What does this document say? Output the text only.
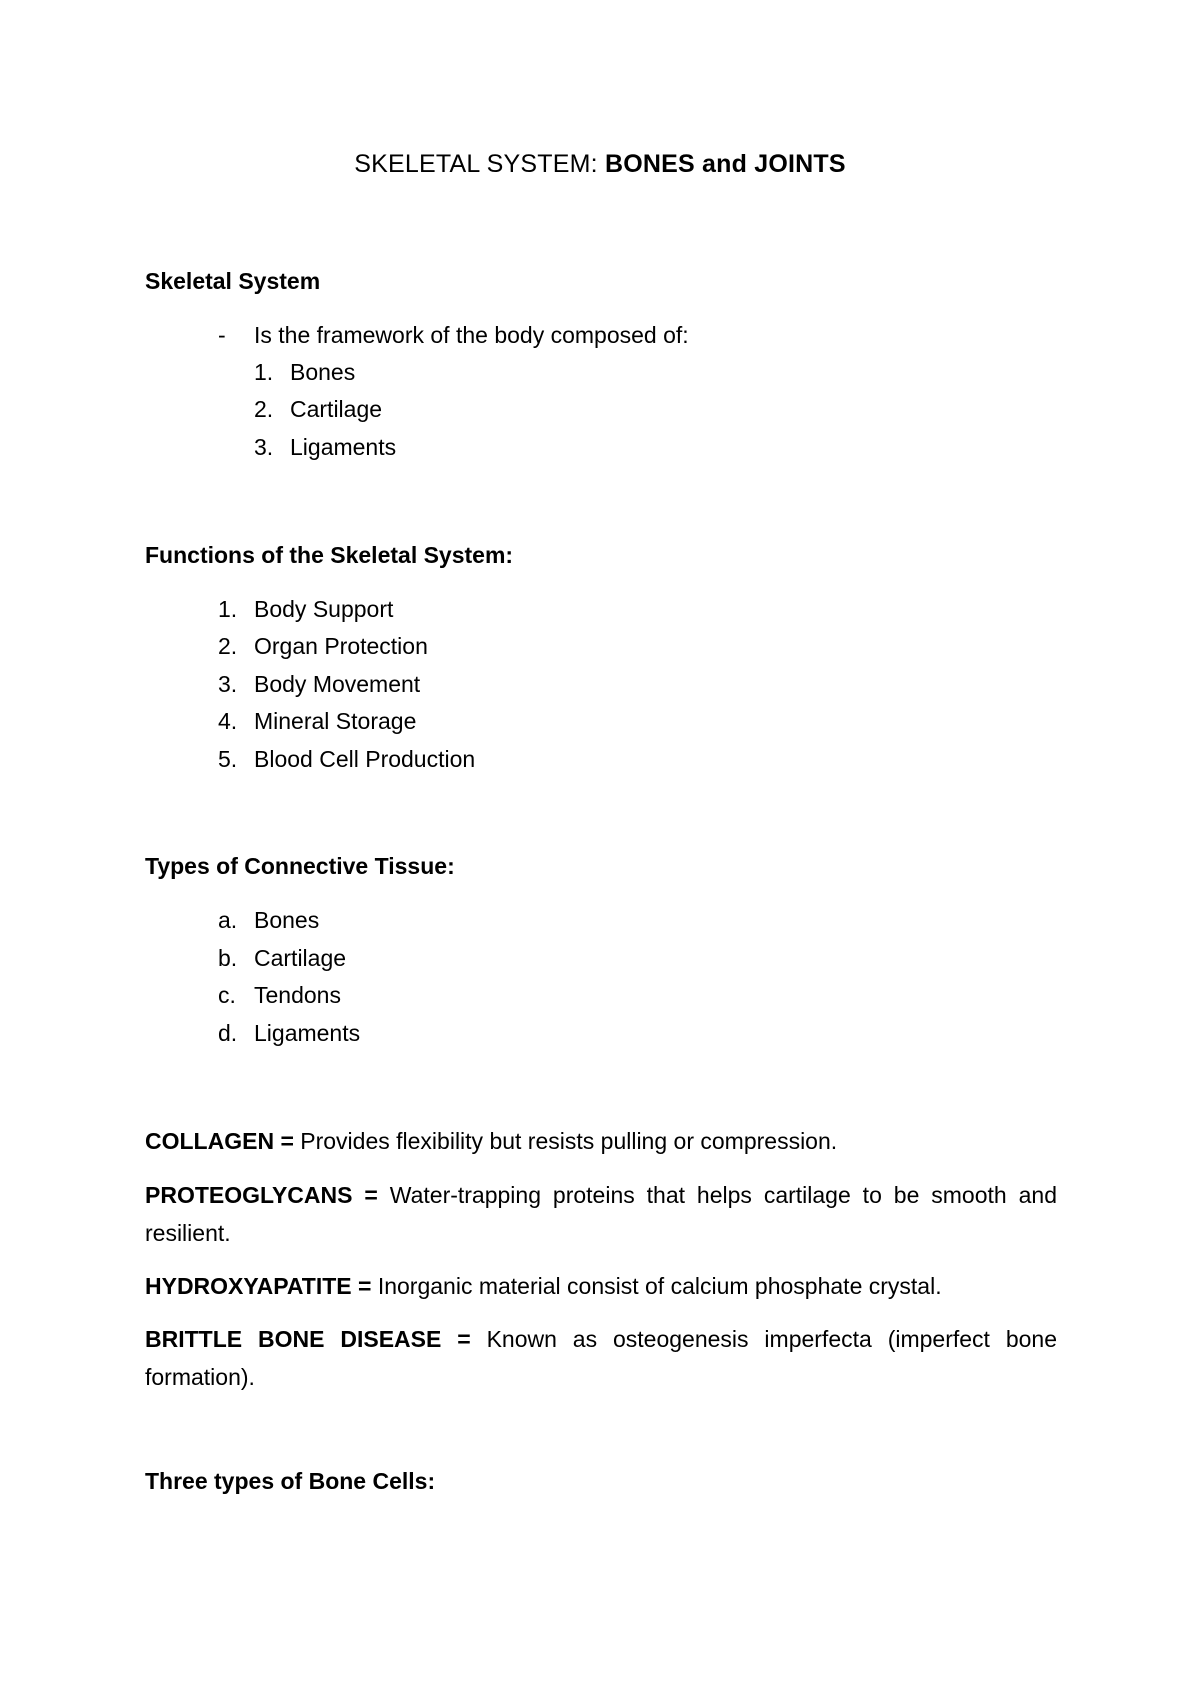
SKELETAL SYSTEM: BONES and JOINTS
Skeletal System
- Is the framework of the body composed of:
1. Bones
2. Cartilage
3. Ligaments
Functions of the Skeletal System:
1. Body Support
2. Organ Protection
3. Body Movement
4. Mineral Storage
5. Blood Cell Production
Types of Connective Tissue:
a. Bones
b. Cartilage
c. Tendons
d. Ligaments
COLLAGEN = Provides flexibility but resists pulling or compression.
PROTEOGLYCANS = Water-trapping proteins that helps cartilage to be smooth and resilient.
HYDROXYAPATITE = Inorganic material consist of calcium phosphate crystal.
BRITTLE BONE DISEASE = Known as osteogenesis imperfecta (imperfect bone formation).
Three types of Bone Cells:
